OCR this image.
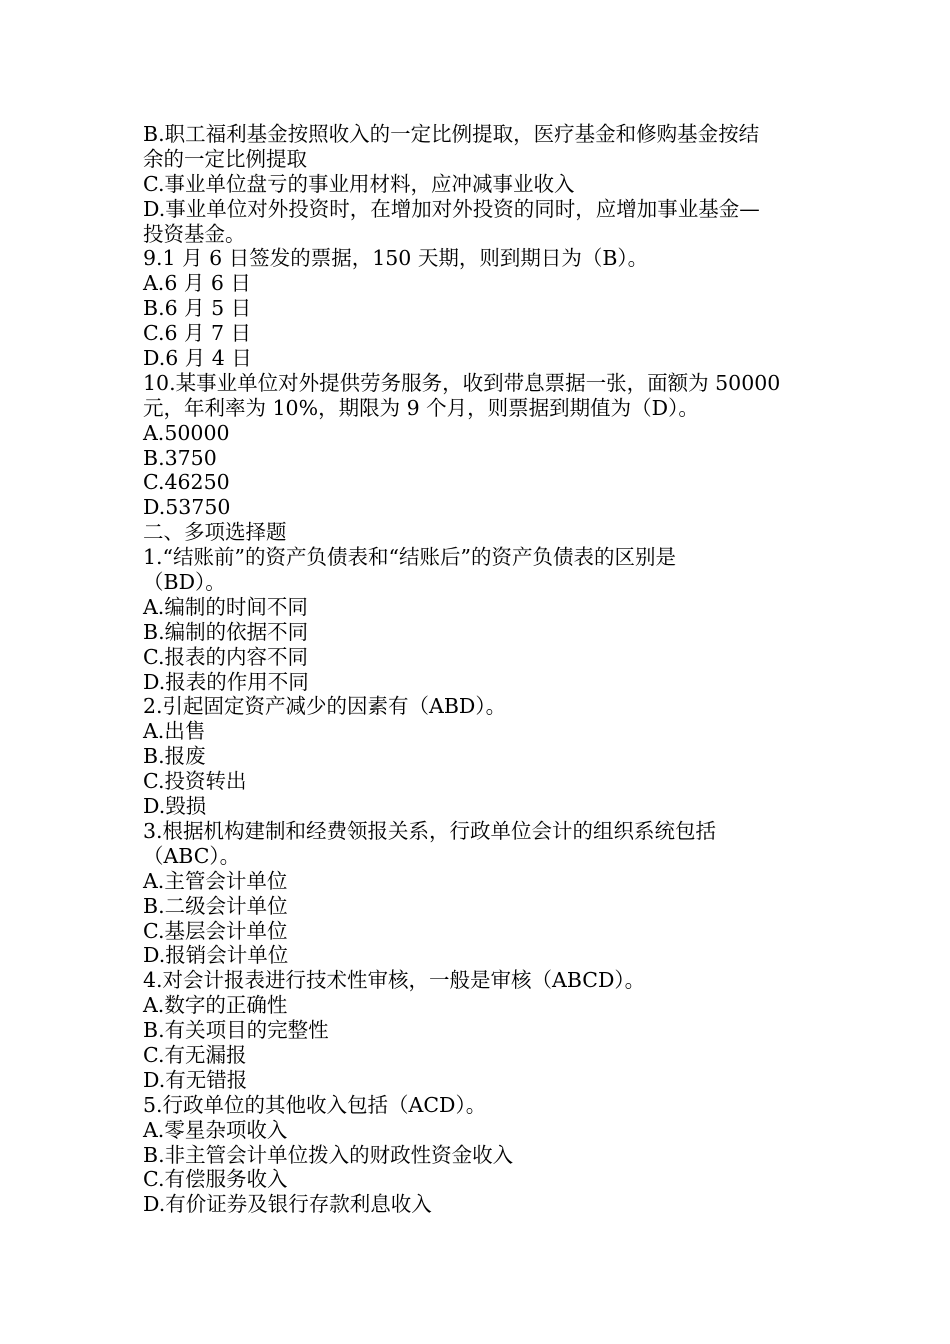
B.职工福利基金按照收入的一定比例提取，医疗基金和修购基金按结
余的一定比例提取
C.事业单位盘亏的事业用材料，应冲减事业收入
D.事业单位对外投资时，在增加对外投资的同时，应增加事业基金—
投资基金。
9.1 月 6 日签发的票据，150 天期，则到期日为（B）。
A.6 月 6 日
B.6 月 5 日
C.6 月 7 日
D.6 月 4 日
10.某事业单位对外提供劳务服务，收到带息票据一张，面额为 50000
元，年利率为 10%，期限为 9 个月，则票据到期值为（D）。
A.50000
B.3750
C.46250
D.53750
二、多项选择题
1.“结账前”的资产负债表和“结账后”的资产负债表的区别是
（BD）。
A.编制的时间不同
B.编制的依据不同
C.报表的内容不同
D.报表的作用不同
2.引起固定资产减少的因素有（ABD）。
A.出售
B.报废
C.投资转出
D.毁损
3.根据机构建制和经费领报关系，行政单位会计的组织系统包括
（ABC）。
A.主管会计单位
B.二级会计单位
C.基层会计单位
D.报销会计单位
4.对会计报表进行技术性审核，一般是审核（ABCD）。
A.数字的正确性
B.有关项目的完整性
C.有无漏报
D.有无错报
5.行政单位的其他收入包括（ACD）。
A.零星杂项收入
B.非主管会计单位拨入的财政性资金收入
C.有偿服务收入
D.有价证券及银行存款利息收入
